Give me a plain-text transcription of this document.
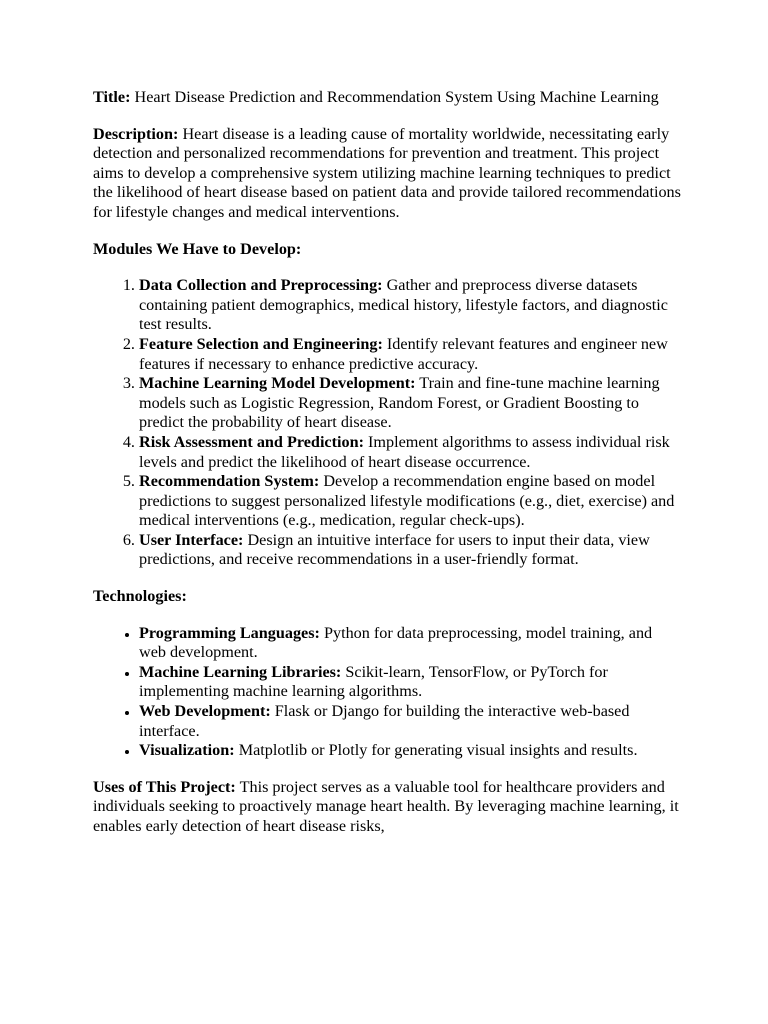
Title: Heart Disease Prediction and Recommendation System Using Machine Learning

Description: Heart disease is a leading cause of mortality worldwide, necessitating early detection and personalized recommendations for prevention and treatment. This project aims to develop a comprehensive system utilizing machine learning techniques to predict the likelihood of heart disease based on patient data and provide tailored recommendations for lifestyle changes and medical interventions.

Modules We Have to Develop:

1. Data Collection and Preprocessing: Gather and preprocess diverse datasets containing patient demographics, medical history, lifestyle factors, and diagnostic test results.
2. Feature Selection and Engineering: Identify relevant features and engineer new features if necessary to enhance predictive accuracy.
3. Machine Learning Model Development: Train and fine-tune machine learning models such as Logistic Regression, Random Forest, or Gradient Boosting to predict the probability of heart disease.
4. Risk Assessment and Prediction: Implement algorithms to assess individual risk levels and predict the likelihood of heart disease occurrence.
5. Recommendation System: Develop a recommendation engine based on model predictions to suggest personalized lifestyle modifications (e.g., diet, exercise) and medical interventions (e.g., medication, regular check-ups).
6. User Interface: Design an intuitive interface for users to input their data, view predictions, and receive recommendations in a user-friendly format.

Technologies:

• Programming Languages: Python for data preprocessing, model training, and web development.
• Machine Learning Libraries: Scikit-learn, TensorFlow, or PyTorch for implementing machine learning algorithms.
• Web Development: Flask or Django for building the interactive web-based interface.
• Visualization: Matplotlib or Plotly for generating visual insights and results.

Uses of This Project: This project serves as a valuable tool for healthcare providers and individuals seeking to proactively manage heart health. By leveraging machine learning, it enables early detection of heart disease risks,
